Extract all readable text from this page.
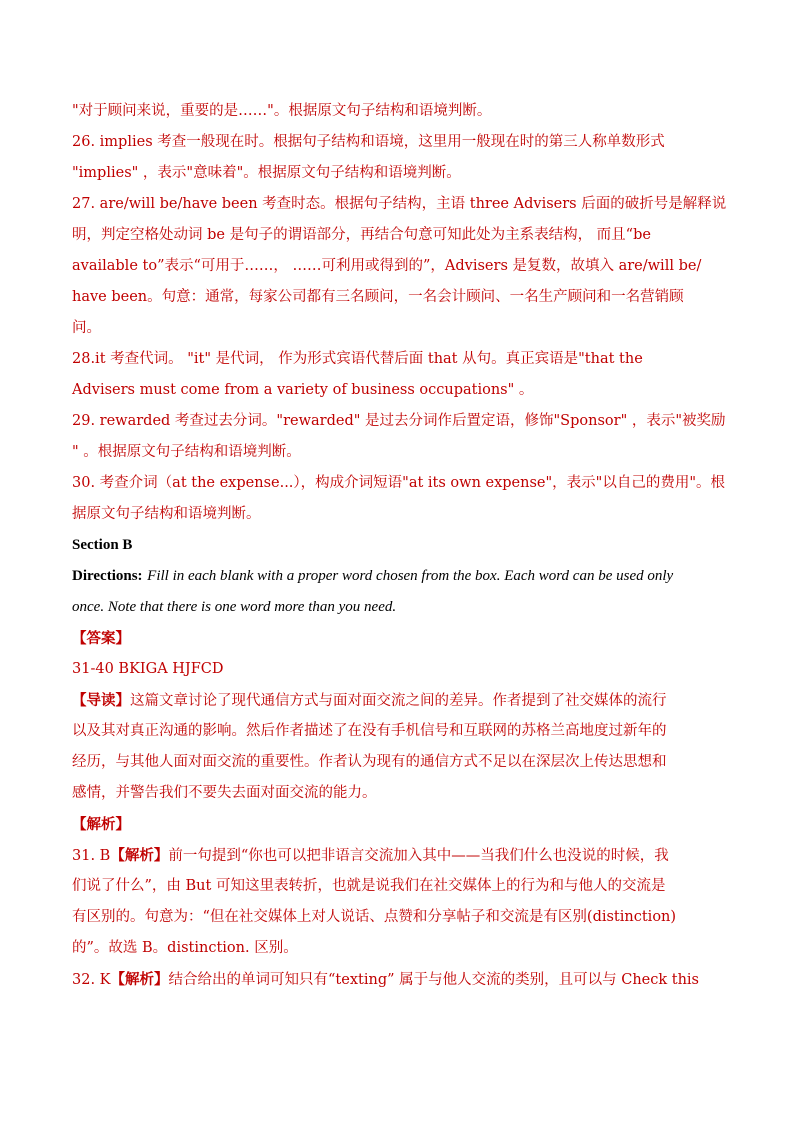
"对于顾问来说，重要的是……"。根据原文句子结构和语境判断。
26. implies 考查一般现在时。根据句子结构和语境，这里用一般现在时的第三人称单数形式
"implies" ，表示"意味着"。根据原文句子结构和语境判断。
27. are/will be/have been 考查时态。根据句子结构，主语 three Advisers 后面的破折号是解释说
明，判定空格处动词 be 是句子的谓语部分，再结合句意可知此处为主系表结构， 而且“be
available to”表示“可用于……， ……可利用或得到的”，Advisers 是复数，故填入 are/will be/
have been。句意：通常，每家公司都有三名顾问，一名会计顾问、一名生产顾问和一名营销顾
问。
28.it 考查代词。 "it" 是代词， 作为形式宾语代替后面 that 从句。真正宾语是"that the
Advisers must come from a variety of business occupations" 。
29. rewarded 考查过去分词。"rewarded" 是过去分词作后置定语，修饰"Sponsor" ，表示"被奖励
" 。根据原文句子结构和语境判断。
30. 考查介词（at the expense...），构成介词短语"at its own expense"，表示"以自己的费用"。根
据原文句子结构和语境判断。
Section B
Directions: Fill in each blank with a proper word chosen from the box. Each word can be used only
once. Note that there is one word more than you need.
【答案】
31-40 BKIGA HJFCD
【导读】这篇文章讨论了现代通信方式与面对面交流之间的差异。作者提到了社交媒体的流行
以及其对真正沟通的影响。然后作者描述了在没有手机信号和互联网的苏格兰高地度过新年的
经历，与其他人面对面交流的重要性。作者认为现有的通信方式不足以在深层次上传达思想和
感情，并警告我们不要失去面对面交流的能力。
【解析】
31. B【解析】前一句提到“你也可以把非语言交流加入其中——当我们什么也没说的时候，我
们说了什么”，由 But 可知这里表转折，也就是说我们在社交媒体上的行为和与他人的交流是
有区别的。句意为：“但在社交媒体上对人说话、点赞和分享帖子和交流是有区别(distinction)
的”。故选 B。distinction. 区别。
32. K【解析】结合给出的单词可知只有“texting” 属于与他人交流的类别，且可以与 Check this
